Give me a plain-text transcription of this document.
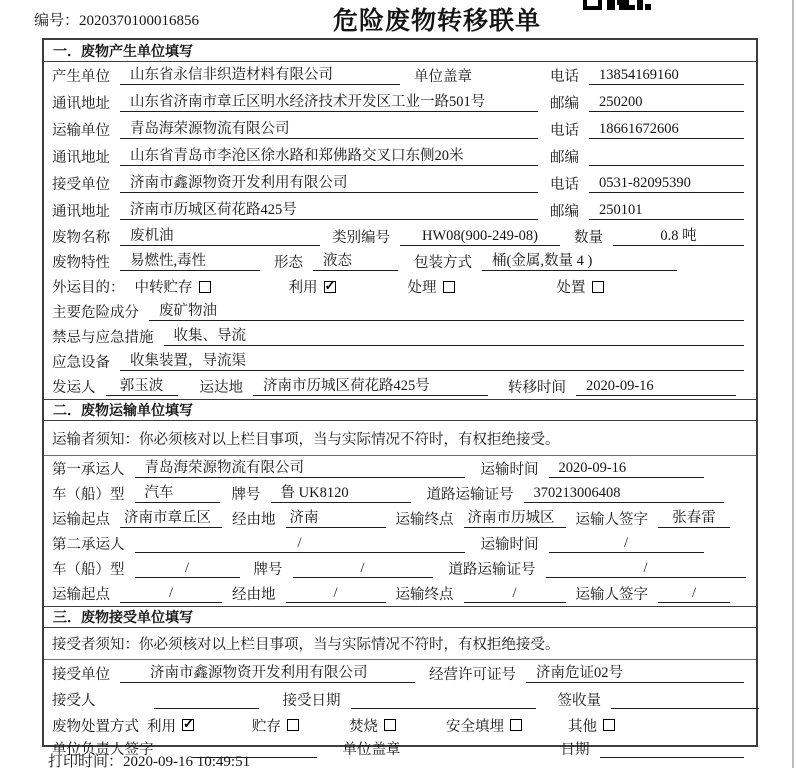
编号：2020370100016856	危险废物转移联单
一．废物产生单位填写
产生单位	山东省永信非织造材料有限公司	单位盖章	电话	13854169160
通讯地址	山东省济南市章丘区明水经济技术开发区工业一路501号	邮编	250200
运输单位	青岛海荣源物流有限公司	电话	18661672606
通讯地址	山东省青岛市李沧区徐水路和郑佛路交叉口东侧20米	邮编
接受单位	济南市鑫源物资开发利用有限公司	电话	0531-82095390
通讯地址	济南市历城区荷花路425号	邮编	250101
废物名称	废机油	类别编号	HW08(900-249-08)	数量	0.8 吨
废物特性	易燃性,毒性	形态	液态	包装方式	桶(金属,数量 4 )
外运目的： 中转贮存	利用 ✓	处理	处置
主要危险成分	废矿物油
禁忌与应急措施	收集、导流
应急设备	收集装置，导流渠
发运人	郭玉波	运达地	济南市历城区荷花路425号	转移时间	2020-09-16
二．废物运输单位填写
运输者须知：你必须核对以上栏目事项，当与实际情况不符时，有权拒绝接受。
第一承运人	青岛海荣源物流有限公司	运输时间	2020-09-16
车（船）型	汽车	牌号	鲁 UK8120	道路运输证号	370213006408
运输起点 济南市章丘区	经由地 济南	运输终点 济南市历城区	运输人签字	张春雷
第二承运人	/	运输时间	/
车（船）型	/	牌号	/	道路运输证号	/
运输起点	/	经由地	/	运输终点	/	运输人签字	/
三．废物接受单位填写
接受者须知：你必须核对以上栏目事项，当与实际情况不符时，有权拒绝接受。
接受单位	济南市鑫源物资开发利用有限公司	经营许可证号	济南危证02号
接受人	接受日期	签收量
废物处置方式 利用 ✓	贮存	焚烧	安全填埋	其他
单位负责人签字	单位盖章	日期
打印时间：2020-09-16 10:49:51
